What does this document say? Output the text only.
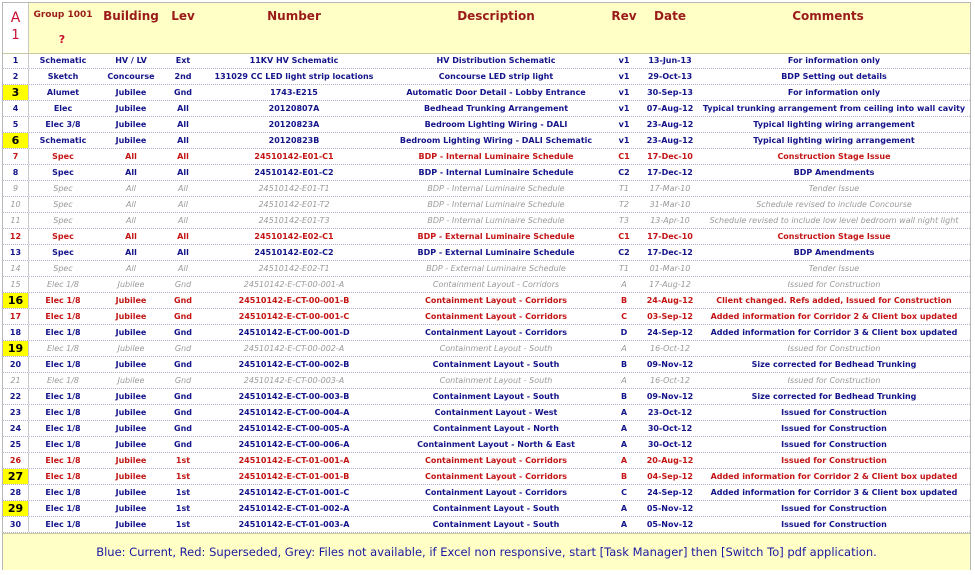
A
1
Group 1001
?
Building	Lev	Number	Description	Rev	Date	Comments
1	Schematic	HV / LV	Ext	11KV HV Schematic	HV Distribution Schematic	v1	13-Jun-13	For information only
2	Sketch	Concourse	2nd	131029 CC LED light strip locations	Concourse LED strip light	v1	29-Oct-13	BDP Setting out details
3	Alumet	Jubilee	Gnd	1743-E215	Automatic Door Detail - Lobby Entrance	v1	30-Sep-13	For information only
4	Elec	Jubilee	All	20120807A	Bedhead Trunking Arrangement	v1	07-Aug-12	Typical trunking arrangement from ceiling into wall cavity
5	Elec 3/8	Jubilee	All	20120823A	Bedroom Lighting Wiring - DALI	v1	23-Aug-12	Typical lighting wiring arrangement
6	Schematic	Jubilee	All	20120823B	Bedroom Lighting Wiring - DALI Schematic	v1	23-Aug-12	Typical lighting wiring arrangement
7	Spec	All	All	24510142-E01-C1	BDP - Internal Luminaire Schedule	C1	17-Dec-10	Construction Stage Issue
8	Spec	All	All	24510142-E01-C2	BDP - Internal Luminaire Schedule	C2	17-Dec-12	BDP Amendments
9	Spec	All	All	24510142-E01-T1	BDP - Internal Luminaire Schedule	T1	17-Mar-10	Tender Issue
10	Spec	All	All	24510142-E01-T2	BDP - Internal Luminaire Schedule	T2	31-Mar-10	Schedule revised to include Concourse
11	Spec	All	All	24510142-E01-T3	BDP - Internal Luminaire Schedule	T3	13-Apr-10	Schedule revised to include low level bedroom wall night light
12	Spec	All	All	24510142-E02-C1	BDP - External Luminaire Schedule	C1	17-Dec-10	Construction Stage Issue
13	Spec	All	All	24510142-E02-C2	BDP - External Luminaire Schedule	C2	17-Dec-12	BDP Amendments
14	Spec	All	All	24510142-E02-T1	BDP - External Luminaire Schedule	T1	01-Mar-10	Tender Issue
15	Elec 1/8	Jubilee	Gnd	24510142-E-CT-00-001-A	Containment Layout - Corridors	A	17-Aug-12	Issued for Construction
16	Elec 1/8	Jubilee	Gnd	24510142-E-CT-00-001-B	Containment Layout - Corridors	B	24-Aug-12	Client changed. Refs added, Issued for Construction
17	Elec 1/8	Jubilee	Gnd	24510142-E-CT-00-001-C	Containment Layout - Corridors	C	03-Sep-12	Added information for Corridor 2 & Client box updated
18	Elec 1/8	Jubilee	Gnd	24510142-E-CT-00-001-D	Containment Layout - Corridors	D	24-Sep-12	Added information for Corridor 3 & Client box updated
19	Elec 1/8	Jubilee	Gnd	24510142-E-CT-00-002-A	Containment Layout - South	A	16-Oct-12	Issued for Construction
20	Elec 1/8	Jubilee	Gnd	24510142-E-CT-00-002-B	Containment Layout - South	B	09-Nov-12	Size corrected for Bedhead Trunking
21	Elec 1/8	Jubilee	Gnd	24510142-E-CT-00-003-A	Containment Layout - South	A	16-Oct-12	Issued for Construction
22	Elec 1/8	Jubilee	Gnd	24510142-E-CT-00-003-B	Containment Layout - South	B	09-Nov-12	Size corrected for Bedhead Trunking
23	Elec 1/8	Jubilee	Gnd	24510142-E-CT-00-004-A	Containment Layout - West	A	23-Oct-12	Issued for Construction
24	Elec 1/8	Jubilee	Gnd	24510142-E-CT-00-005-A	Containment Layout - North	A	30-Oct-12	Issued for Construction
25	Elec 1/8	Jubilee	Gnd	24510142-E-CT-00-006-A	Containment Layout - North & East	A	30-Oct-12	Issued for Construction
26	Elec 1/8	Jubilee	1st	24510142-E-CT-01-001-A	Containment Layout - Corridors	A	20-Aug-12	Issued for Construction
27	Elec 1/8	Jubilee	1st	24510142-E-CT-01-001-B	Containment Layout - Corridors	B	04-Sep-12	Added information for Corridor 2 & Client box updated
28	Elec 1/8	Jubilee	1st	24510142-E-CT-01-001-C	Containment Layout - Corridors	C	24-Sep-12	Added information for Corridor 3 & Client box updated
29	Elec 1/8	Jubilee	1st	24510142-E-CT-01-002-A	Containment Layout - South	A	05-Nov-12	Issued for Construction
30	Elec 1/8	Jubilee	1st	24510142-E-CT-01-003-A	Containment Layout - South	A	05-Nov-12	Issued for Construction
Blue: Current, Red: Superseded, Grey: Files not available, if Excel non responsive, start [Task Manager] then [Switch To] pdf application.
